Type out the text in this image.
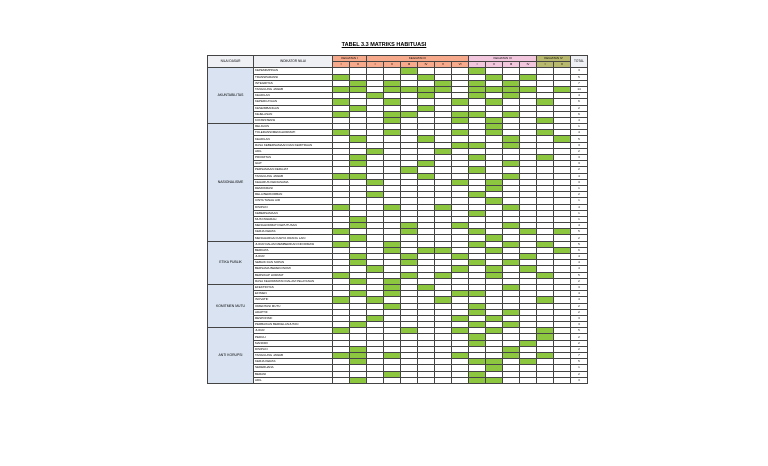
TABEL 3.3 MATRIKS HABITUASI
NILAI DASAR	INDIKATOR NILAI	KEGIATAN I		KEGIATAN II						KEGIATAN III				KEGIATAN IV		TOTAL
		I	II	I	II	III	IV	V	VI	I	II	III	IV	I	II	
AKUNTABILITAS	KEPEMIMPINAN															3
	TRANSPARANSI															5
	INTEGRITAS															7
	TANGGUNG JAWAB															14
	KEADILAN															4
	KEPERCAYAAN															6
	KESEIMBANGAN															2
	KEJELASAN															6
	KONSISTENSI															4
NASIONALISME	RELIGIUS															1
	TOLERANSI/MENGHORMATI															4
	KEADILAN															5
	RASA KEBERSAMAAN DAN KEMITRAAN															3
	ADIL															2
	PRIORITAS															3
	GIAT															3
	PERSAMAAN DERAJAT															2
	TANGGUNG JAWAB															4
	KEHARUS KERJASAMA															3
	DEMOKRASI															1
	RELA BERKORBAN															2
	CINTA TANAH AIR															1
	DISIPLIN															4
	KEBERSAMAAN															1
	MUSYAWARAH															1
	MENGHORMATI KEPUTUSAN															4
	KERJA KERAS															5
	MENGHARGAI KARYA ORANG LAIN															2
ETIKA PUBLIK	JUJUR DALAM MEMBERIKAN INFORMASI															5
	BERKATA															6
	JUJUR															4
	SEBAIK DAN SOPAN															4
	BERSAMA BEREKONOMI															4
	BERSIKAP HORMAT															5
	RASA KEHORMATAN DALAM PELAYANAN															2
KOMITMEN MUTU	EFEKTIFITAS															3
	EFISIEN															4
	INOVATIF															4
	ORIENTASI MUTU															2
	ADAPTIF															2
	RESPONSIF															3
	PERBAIKAN BERKELANJUTAN															3
ANTI KORUPSI	JUJUR															5
	PEDULI															2
	MANDIRI															2
	DISIPLIN															2
	TANGGUNG JAWAB															7
	KERJA KERAS															5
	SEDERHANA															1
	BERANI															2
	ADIL															3
